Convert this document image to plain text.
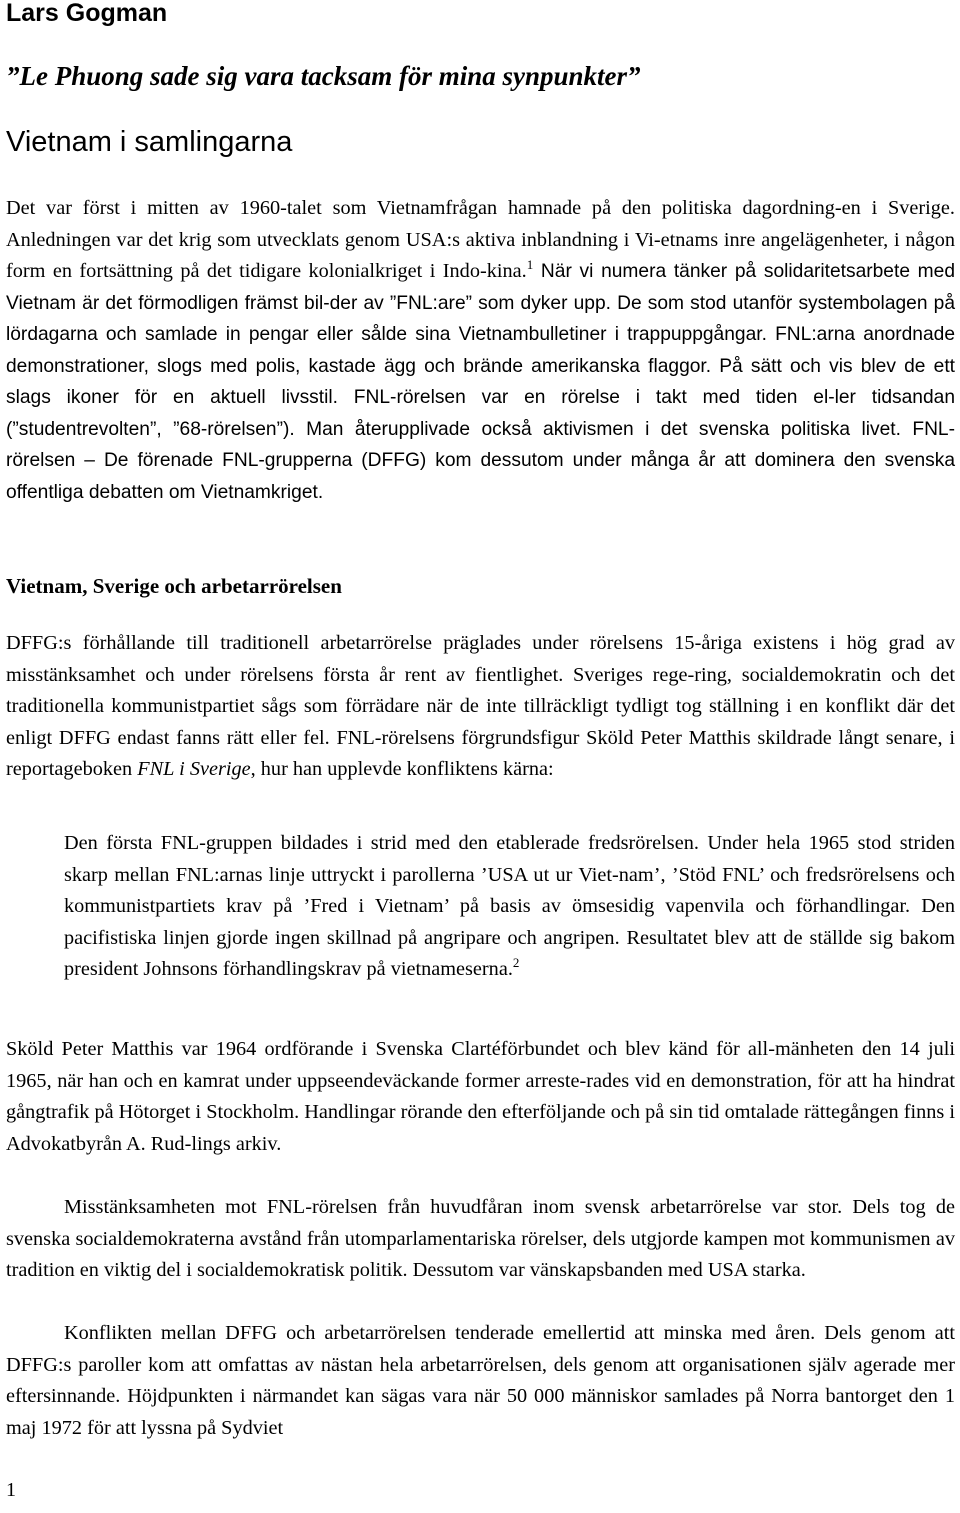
Lars Gogman
”Le Phuong sade sig vara tacksam för mina synpunkter”
Vietnam i samlingarna
Det var först i mitten av 1960-talet som Vietnamfrågan hamnade på den politiska dagordning-en i Sverige. Anledningen var det krig som utvecklats genom USA:s aktiva inblandning i Vi-etnams inre angelägenheter, i någon form en fortsättning på det tidigare kolonialkriget i Indo-kina.$^1$ När vi numera tänker på solidaritetsarbete med Vietnam är det förmodligen främst bil-der av ”FNL:are” som dyker upp. De som stod utanför systembolagen på lördagarna och samlade in pengar eller sålde sina Vietnambulletiner i trappuppgångar. FNL:arna anordnade demonstrationer, slogs med polis, kastade ägg och brände amerikanska flaggor. På sätt och vis blev de ett slags ikoner för en aktuell livsstil. FNL-rörelsen var en rörelse i takt med tiden el-ler tidsandan (”studentrevolten”, ”68-rörelsen”). Man återupplivade också aktivismen i det svenska politiska livet. FNL-rörelsen – De förenade FNL-grupperna (DFFG) kom dessutom under många år att dominera den svenska offentliga debatten om Vietnamkriget.
Vietnam, Sverige och arbetarrörelsen
DFFG:s förhållande till traditionell arbetarrörelse präglades under rörelsens 15-åriga existens i hög grad av misstänksamhet och under rörelsens första år rent av fientlighet. Sveriges rege-ring, socialdemokratin och det traditionella kommunistpartiet sågs som förrädare när de inte tillräckligt tydligt tog ställning i en konflikt där det enligt DFFG endast fanns rätt eller fel. FNL-rörelsens förgrundsfigur Sköld Peter Matthis skildrade långt senare, i reportageboken FNL i Sverige, hur han upplevde konfliktens kärna:
Den första FNL-gruppen bildades i strid med den etablerade fredsrörelsen. Under hela 1965 stod striden skarp mellan FNL:arnas linje uttryckt i parollerna ’USA ut ur Viet-nam’, ’Stöd FNL’ och fredsrörelsens och kommunistpartiets krav på ’Fred i Vietnam’ på basis av ömsesidig vapenvila och förhandlingar. Den pacifistiska linjen gjorde ingen skillnad på angripare och angripen. Resultatet blev att de ställde sig bakom president Johnsons förhandlingskrav på vietnameserna.$^2$
Sköld Peter Matthis var 1964 ordförande i Svenska Clartéförbundet och blev känd för all-mänheten den 14 juli 1965, när han och en kamrat under uppseendeväckande former arreste-rades vid en demonstration, för att ha hindrat gångtrafik på Hötorget i Stockholm. Handlingar rörande den efterföljande och på sin tid omtalade rättegången finns i Advokatbyrån A. Rud-lings arkiv.
Misstänksamheten mot FNL-rörelsen från huvudfåran inom svensk arbetarrörelse var stor. Dels tog de svenska socialdemokraterna avstånd från utomparlamentariska rörelser, dels utgjorde kampen mot kommunismen av tradition en viktig del i socialdemokratisk politik. Dessutom var vänskapsbanden med USA starka.
Konflikten mellan DFFG och arbetarrörelsen tenderade emellertid att minska med åren. Dels genom att DFFG:s paroller kom att omfattas av nästan hela arbetarrörelsen, dels genom att organisationen själv agerade mer eftersinnande. Höjdpunkten i närmandet kan sägas vara när 50 000 människor samlades på Norra bantorget den 1 maj 1972 för att lyssna på Sydviet
1
